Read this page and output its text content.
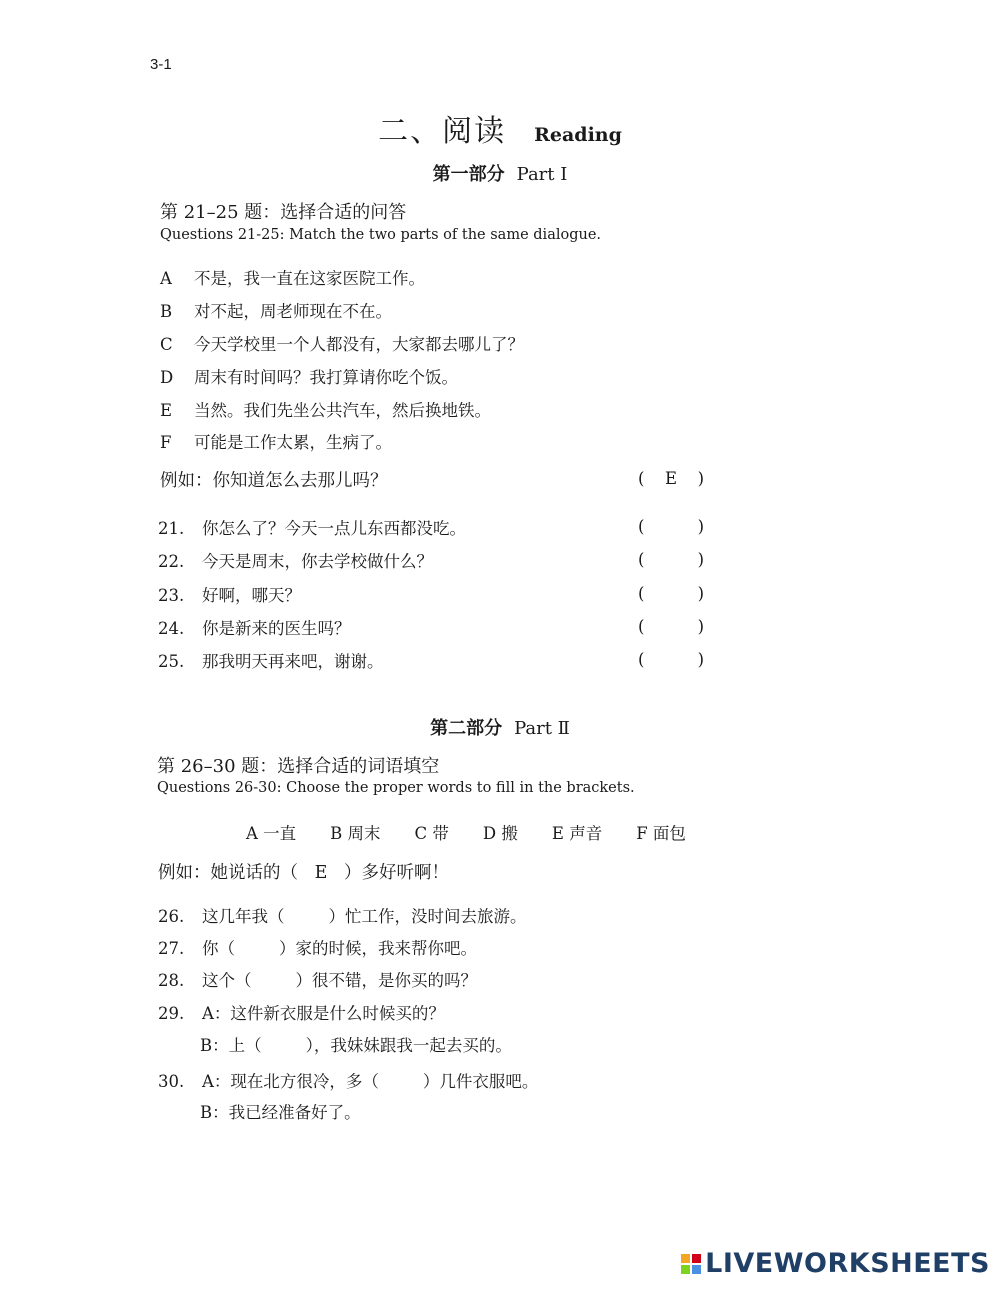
3-1
二、阅读 Reading
第一部分 Part Ⅰ
第 21–25 题：选择合适的问答
Questions 21-25: Match the two parts of the same dialogue.
A 不是，我一直在这家医院工作。
B 对不起，周老师现在不在。
C 今天学校里一个人都没有，大家都去哪儿了？
D 周末有时间吗？我打算请你吃个饭。
E 当然。我们先坐公共汽车，然后换地铁。
F 可能是工作太累，生病了。
例如：你知道怎么去那儿吗？	(	E	)
21. 你怎么了？今天一点儿东西都没吃。	(	)
22. 今天是周末，你去学校做什么？	(	)
23. 好啊，哪天？	(	)
24. 你是新来的医生吗？	(	)
25. 那我明天再来吧，谢谢。	(	)
第二部分 Part Ⅱ
第 26–30 题：选择合适的词语填空
Questions 26-30: Choose the proper words to fill in the brackets.
A 一直 B 周末 C 带 D 搬 E 声音 F 面包
例如：她说话的（ E ）多好听啊！
26. 这几年我（	）忙工作，没时间去旅游。
27. 你（	）家的时候，我来帮你吧。
28. 这个（	）很不错，是你买的吗？
29. A：这件新衣服是什么时候买的？
B：上（	），我妹妹跟我一起去买的。
30. A：现在北方很冷，多（	）几件衣服吧。
B：我已经准备好了。
LIVEWORKSHEETS
